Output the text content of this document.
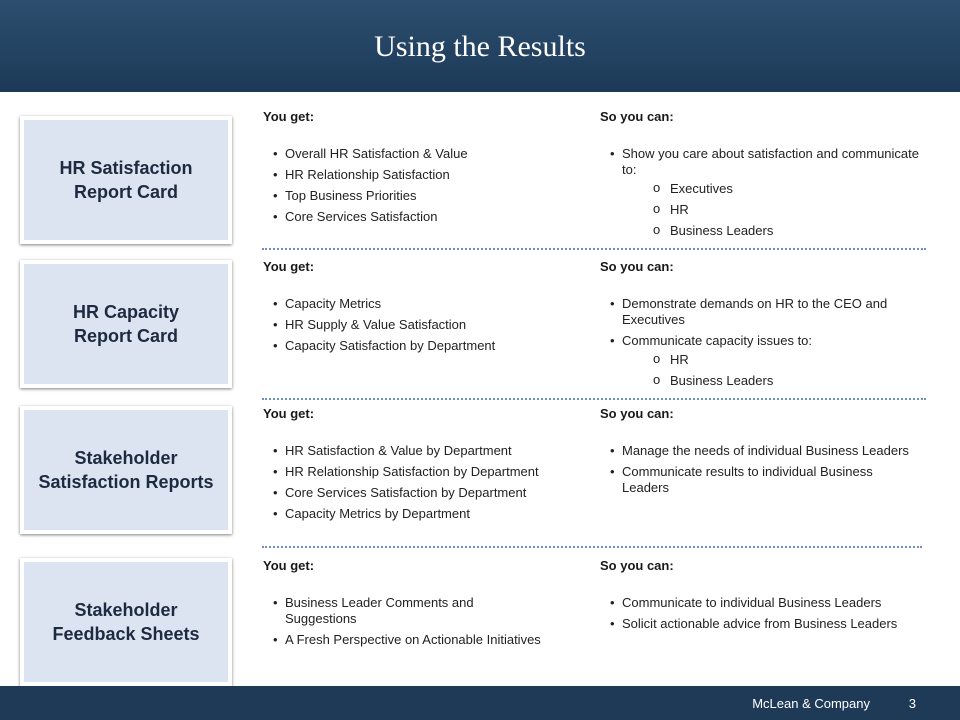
Using the Results
HR Satisfaction
Report Card
You get:
• Overall HR Satisfaction & Value
• HR Relationship Satisfaction
• Top Business Priorities
• Core Services Satisfaction
So you can:
• Show you care about satisfaction and communicate to:
o Executives
o HR
o Business Leaders
HR Capacity
Report Card
You get:
• Capacity Metrics
• HR Supply & Value Satisfaction
• Capacity Satisfaction by Department
So you can:
• Demonstrate demands on HR to the CEO and Executives
• Communicate capacity issues to:
o HR
o Business Leaders
Stakeholder
Satisfaction Reports
You get:
• HR Satisfaction & Value by Department
• HR Relationship Satisfaction by Department
• Core Services Satisfaction by Department
• Capacity Metrics by Department
So you can:
• Manage the needs of individual Business Leaders
• Communicate results to individual Business Leaders
Stakeholder
Feedback Sheets
You get:
• Business Leader Comments and Suggestions
• A Fresh Perspective on Actionable Initiatives
So you can:
• Communicate to individual Business Leaders
• Solicit actionable advice from Business Leaders
McLean & Company	3
